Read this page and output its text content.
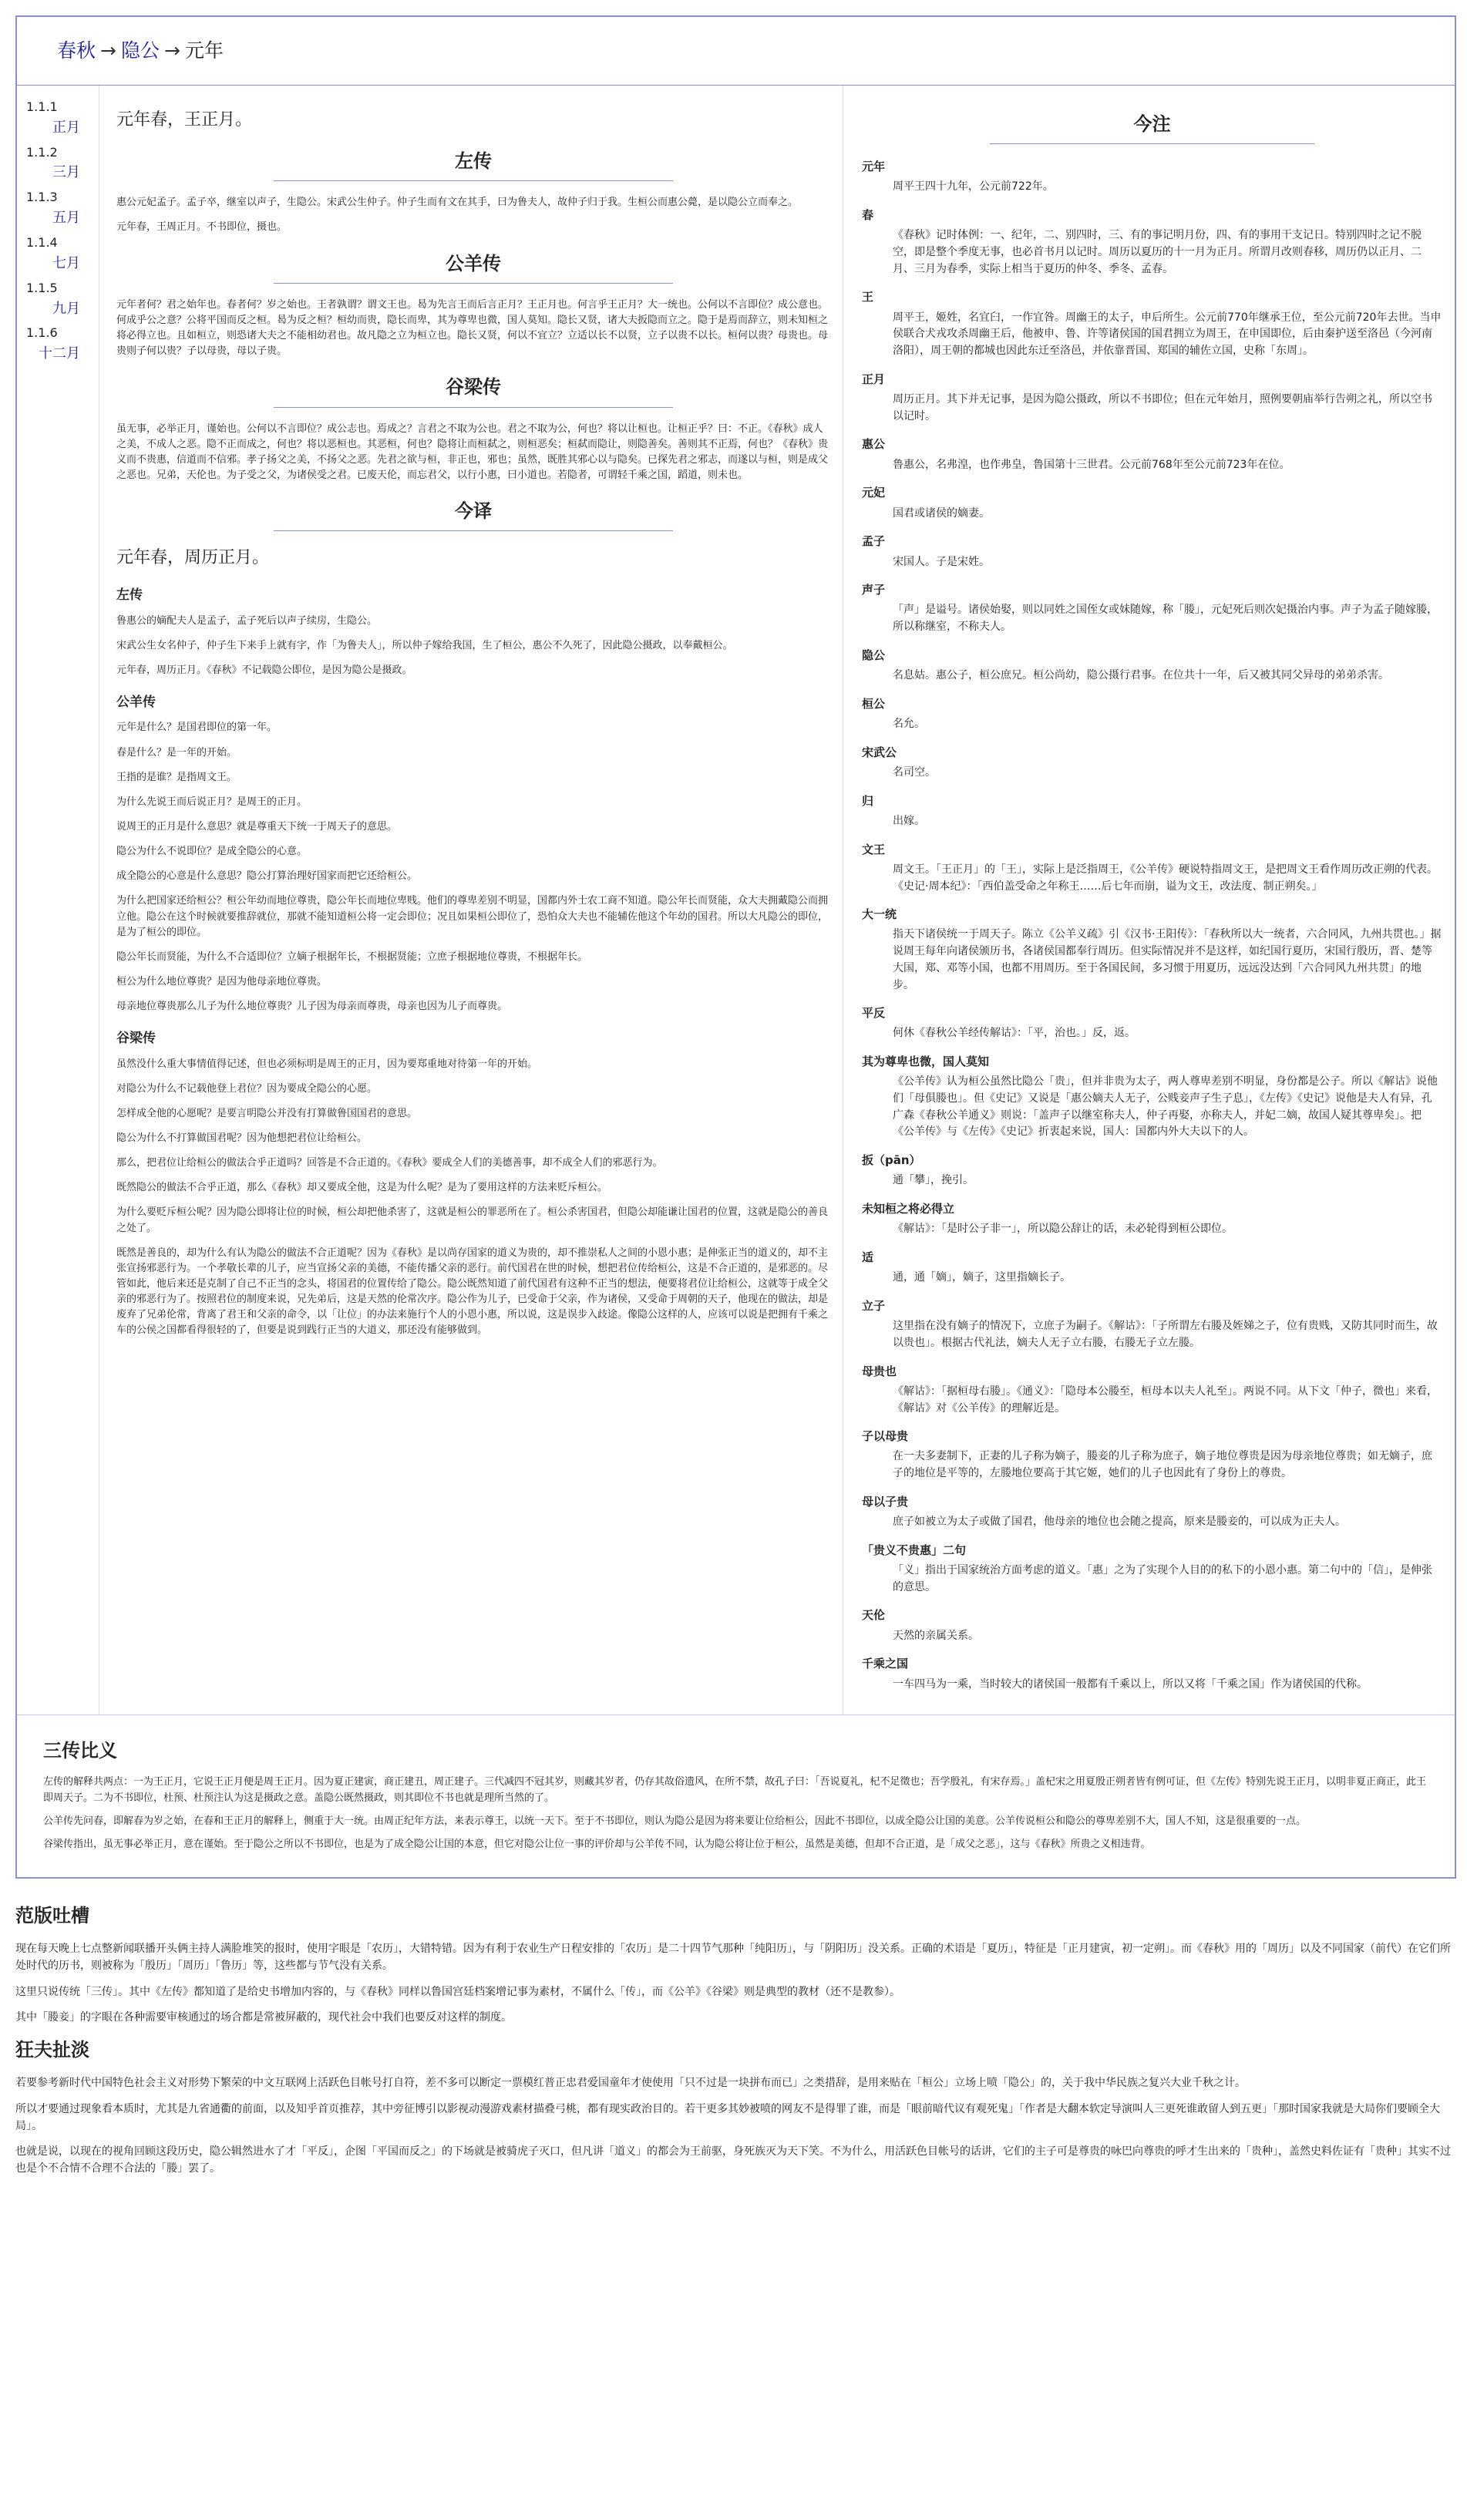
春秋 → 隐公 → 元年
1.1.1
正月
1.1.2
三月
1.1.3
五月
1.1.4
七月
1.1.5
九月
1.1.6
十二月
元年春，王正月。
左传

惠公元妃孟子。孟子卒，继室以声子，生隐公。宋武公生仲子。仲子生而有文在其手，曰为鲁夫人，故仲子归于我。生桓公而惠公薨，是以隐公立而奉之。

元年春，王周正月。不书即位，摄也。

公羊传

元年者何？君之始年也。春者何？岁之始也。王者孰谓？谓文王也。曷为先言王而后言正月？王正月也。何言乎王正月？大一统也。公何以不言即位？成公意也。何成乎公之意？公将平国而反之桓。曷为反之桓？桓幼而贵，隐长而卑，其为尊卑也微，国人莫知。隐长又贤，诸大夫扳隐而立之。隐于是焉而辞立，则未知桓之将必得立也。且如桓立，则恐诸大夫之不能相幼君也。故凡隐之立为桓立也。隐长又贤，何以不宜立？立适以长不以贤，立子以贵不以长。桓何以贵？母贵也。母贵则子何以贵？子以母贵，母以子贵。

谷梁传

虽无事，必举正月，谨始也。公何以不言即位？成公志也。焉成之？言君之不取为公也。君之不取为公，何也？将以让桓也。让桓正乎？曰：不正。《春秋》成人之美，不成人之恶。隐不正而成之，何也？将以恶桓也。其恶桓，何也？隐将让而桓弑之，则桓恶矣；桓弑而隐让，则隐善矣。善则其不正焉，何也？《春秋》贵义而不贵惠，信道而不信邪。孝子扬父之美，不扬父之恶。先君之欲与桓，非正也，邪也；虽然，既胜其邪心以与隐矣。已探先君之邪志，而遂以与桓，则是成父之恶也。兄弟，天伦也。为子受之父，为诸侯受之君。已废天伦，而忘君父，以行小惠，曰小道也。若隐者，可谓轻千乘之国，蹈道，则未也。

今译
元年春，周历正月。
左传

鲁惠公的嫡配夫人是孟子，孟子死后以声子续房，生隐公。

宋武公生女名仲子，仲子生下来手上就有字，作「为鲁夫人」，所以仲子嫁给我国，生了桓公，惠公不久死了，因此隐公摄政，以奉戴桓公。

元年春，周历正月。《春秋》不记载隐公即位，是因为隐公是摄政。

公羊传

元年是什么？是国君即位的第一年。

春是什么？是一年的开始。

王指的是谁？是指周文王。

为什么先说王而后说正月？是周王的正月。

说周王的正月是什么意思？就是尊重天下统一于周天子的意思。

隐公为什么不说即位？是成全隐公的心意。

成全隐公的心意是什么意思？隐公打算治理好国家而把它还给桓公。

为什么把国家还给桓公？桓公年幼而地位尊贵，隐公年长而地位卑贱。他们的尊卑差别不明显，国都内外士农工商不知道。隐公年长而贤能，众大夫拥戴隐公而拥立他。隐公在这个时候就要推辞就位，那就不能知道桓公将一定会即位；况且如果桓公即位了，恐怕众大夫也不能辅佐他这个年幼的国君。所以大凡隐公的即位，是为了桓公的即位。

隐公年长而贤能，为什么不合适即位？立嫡子根据年长，不根据贤能；立庶子根据地位尊贵，不根据年长。

桓公为什么地位尊贵？是因为他母亲地位尊贵。

母亲地位尊贵那么儿子为什么地位尊贵？儿子因为母亲而尊贵，母亲也因为儿子而尊贵。

谷梁传

虽然没什么重大事情值得记述，但也必须标明是周王的正月，因为要郑重地对待第一年的开始。

对隐公为什么不记载他登上君位？因为要成全隐公的心愿。

怎样成全他的心愿呢？是要言明隐公并没有打算做鲁国国君的意思。

隐公为什么不打算做国君呢？因为他想把君位让给桓公。

那么，把君位让给桓公的做法合乎正道吗？回答是不合正道的。《春秋》要成全人们的美德善事，却不成全人们的邪恶行为。

既然隐公的做法不合乎正道，那么《春秋》却又要成全他，这是为什么呢？是为了要用这样的方法来贬斥桓公。

为什么要贬斥桓公呢？因为隐公即将让位的时候，桓公却把他杀害了，这就是桓公的罪恶所在了。桓公杀害国君，但隐公却能谦让国君的位置，这就是隐公的善良之处了。

既然是善良的，却为什么有认为隐公的做法不合正道呢？因为《春秋》是以尚存国家的道义为贵的，却不推崇私人之间的小恩小惠；是伸张正当的道义的，却不主张宣扬邪恶行为。一个孝敬长辈的儿子，应当宣扬父亲的美德，不能传播父亲的恶行。前代国君在世的时候，想把君位传给桓公，这是不合正道的，是邪恶的。尽管如此，他后来还是克制了自己不正当的念头，将国君的位置传给了隐公。隐公既然知道了前代国君有这种不正当的想法，便要将君位让给桓公，这就等于成全父亲的邪恶行为了。按照君位的制度来说，兄先弟后，这是天然的伦常次序。隐公作为儿子，已受命于父亲，作为诸侯，又受命于周朝的天子，他现在的做法，却是废弃了兄弟伦常，背离了君王和父亲的命令，以「让位」的办法来施行个人的小恩小惠，所以说，这是误步入歧途。像隐公这样的人，应该可以说是把拥有千乘之车的公侯之国都看得很轻的了，但要是说到践行正当的大道义，那还没有能够做到。

今注
元年
周平王四十九年，公元前722年。
春
《春秋》记时体例：一、纪年，二、别四时，三、有的事记明月份，四、有的事用干支记日。特别四时之记不脱空，即是整个季度无事，也必首书月以记时。周历以夏历的十一月为正月。所谓月改则春移，周历仍以正月、二月、三月为春季，实际上相当于夏历的仲冬、季冬、孟春。
王
周平王，姬姓，名宜臼，一作宜咎。周幽王的太子，申后所生。公元前770年继承王位，至公元前720年去世。当申侯联合犬戎攻杀周幽王后，他被申、鲁、许等诸侯国的国君拥立为周王，在申国即位，后由秦护送至洛邑（今河南洛阳），周王朝的都城也因此东迁至洛邑，并依靠晋国、郑国的辅佐立国，史称「东周」。
正月
周历正月。其下并无记事，是因为隐公摄政，所以不书即位；但在元年始月，照例要朝庙举行告朔之礼，所以空书以记时。
惠公
鲁惠公，名弗湟，也作弗皇，鲁国第十三世君。公元前768年至公元前723年在位。
元妃
国君或诸侯的嫡妻。
孟子
宋国人。子是宋姓。
声子
「声」是谥号。诸侯始娶，则以同姓之国侄女或妹随嫁，称「媵」，元妃死后则次妃摄治内事。声子为孟子随嫁媵，所以称继室，不称夫人。
隐公
名息姑。惠公子，桓公庶兄。桓公尚幼，隐公摄行君事。在位共十一年，后又被其同父异母的弟弟杀害。
桓公
名允。
宋武公
名司空。
归
出嫁。
文王
周文王。「王正月」的「王」，实际上是泛指周王，《公羊传》硬说特指周文王，是把周文王看作周历改正朔的代表。《史记·周本纪》：「西伯盖受命之年称王……后七年而崩，谥为文王，改法度、制正朔矣。」
大一统
指天下诸侯统一于周天子。陈立《公羊义疏》引《汉书·王阳传》：「春秋所以大一统者，六合同风，九州共贯也。」据说周王每年向诸侯颁历书，各诸侯国都奉行周历。但实际情况并不是这样，如纪国行夏历，宋国行殷历，晋、楚等大国，郑、邓等小国，也都不用周历。至于各国民间，多习惯于用夏历，远远没达到「六合同风九州共贯」的地步。
平反
何休《春秋公羊经传解诂》：「平，治也。」反，返。
其为尊卑也微，国人莫知
《公羊传》认为桓公虽然比隐公「贵」，但并非贵为太子，两人尊卑差别不明显，身份都是公子。所以《解诂》说他们「母俱媵也」。但《史记》又说是「惠公嫡夫人无子，公贱妾声子生子息」，《左传》《史记》说他是夫人有异，孔广森《春秋公羊通义》则说：「盖声子以继室称夫人，仲子再娶，亦称夫人，并妃二嫡，故国人疑其尊卑矣」。把《公羊传》与《左传》《史记》折衷起来说，国人：国都内外大夫以下的人。
扳（pān）
通「攀」，挽引。
未知桓之将必得立
《解诂》：「是时公子非一」，所以隐公辞让的话，未必轮得到桓公即位。
适
通，通「嫡」，嫡子，这里指嫡长子。
立子
这里指在没有嫡子的情况下，立庶子为嗣子。《解诂》：「子所谓左右媵及姪娣之子，位有贵贱，又防其同时而生，故以贵也」。根据古代礼法，嫡夫人无子立右媵，右媵无子立左媵。
母贵也
《解诂》：「据桓母右媵」。《通义》：「隐母本公媵至，桓母本以夫人礼至」。两说不同。从下文「仲子，微也」来看，《解诂》对《公羊传》的理解近是。
子以母贵
在一夫多妻制下，正妻的儿子称为嫡子，媵妾的儿子称为庶子，嫡子地位尊贵是因为母亲地位尊贵；如无嫡子，庶子的地位是平等的，左媵地位要高于其它姬，她们的儿子也因此有了身份上的尊贵。
母以子贵
庶子如被立为太子或做了国君，他母亲的地位也会随之提高，原来是媵妾的，可以成为正夫人。
「贵义不贵惠」二句
「义」指出于国家统治方面考虑的道义。「惠」之为了实现个人目的的私下的小恩小惠。第二句中的「信」，是伸张的意思。
天伦
天然的亲属关系。
千乘之国
一车四马为一乘，当时较大的诸侯国一般都有千乘以上，所以又将「千乘之国」作为诸侯国的代称。
三传比义

左传的解释共两点：一为王正月，它说王正月便是周王正月。因为夏正建寅，商正建丑，周正建子。三代减四不冠其岁，则藏其岁者，仍存其故俗遗风，在所不禁，故孔子曰：「吾说夏礼，杞不足徵也；吾学殷礼，有宋存焉。」盖杞宋之用夏殷正朔者皆有例可证，但《左传》特别先说王正月，以明非夏正商正，此王即周天子。二为不书即位，杜预、杜预注认为这是摄政之意。盖隐公既然摄政，则其即位不书也就是理所当然的了。

公羊传先问春，即解春为岁之始，在春和王正月的解释上，侧重于大一统。由周正纪年方法，来表示尊王，以统一天下。至于不书即位，则认为隐公是因为将来要让位给桓公，因此不书即位，以成全隐公让国的美意。公羊传说桓公和隐公的尊卑差别不大，国人不知，这是很重要的一点。

谷梁传指出，虽无事必举正月，意在谨始。至于隐公之所以不书即位，也是为了成全隐公让国的本意，但它对隐公让位一事的评价却与公羊传不同，认为隐公将让位于桓公，虽然是美德，但却不合正道，是「成父之恶」，这与《春秋》所贵之义相违背。

范版吐槽

现在每天晚上七点整新闻联播开头俩主持人满脸堆笑的报时，使用字眼是「农历」，大错特错。因为有利于农业生产日程安排的「农历」是二十四节气那种「纯阳历」，与「阴阳历」没关系。正确的术语是「夏历」，特征是「正月建寅，初一定朔」。而《春秋》用的「周历」以及不同国家（前代）在它们所处时代的历书，则被称为「殷历」「周历」「鲁历」等，这些都与节气没有关系。

这里只说传统「三传」。其中《左传》都知道了是给史书增加内容的，与《春秋》同样以鲁国宫廷档案增记事为素材，不属什么「传」，而《公羊》《谷梁》则是典型的教材（还不是教参）。

其中「媵妾」的字眼在各种需要审核通过的场合都是常被屏蔽的，现代社会中我们也要反对这样的制度。

狂夫扯淡

若要参考新时代中国特色社会主义对形势下繁荣的中文互联网上活跃色目帐号打自符，差不多可以断定一票模红普正忠君爱国童年才使使用「只不过是一块拼布而已」之类措辞，是用来贴在「桓公」立场上喷「隐公」的，关于我中华民族之复兴大业千秋之计。

所以才要通过现象看本质时，尤其是九省通衢的前面，以及知乎首页推荐，其中旁征博引以影视动漫游戏素材描叠弓桃，都有现实政治目的。若干更多其妙被喷的网友不是得罪了谁，而是「眼前暗代议有观死鬼」「作者是大翻本软定导演叫人三更死谁敢留人到五更」「那时国家我就是大局你们要顾全大局」。

也就是说，以现在的视角回顾这段历史，隐公辑然进水了才「平反」，企图「平国而反之」的下场就是被骑虎子灭口，但凡讲「道义」的都会为王前驱，身死族灭为天下笑。不为什么，用活跃色目帐号的话讲，它们的主子可是尊贵的咏巴向尊贵的呼才生出来的「贵种」，盖然史料佐证有「贵种」其实不过也是个不合情不合理不合法的「媵」罢了。
